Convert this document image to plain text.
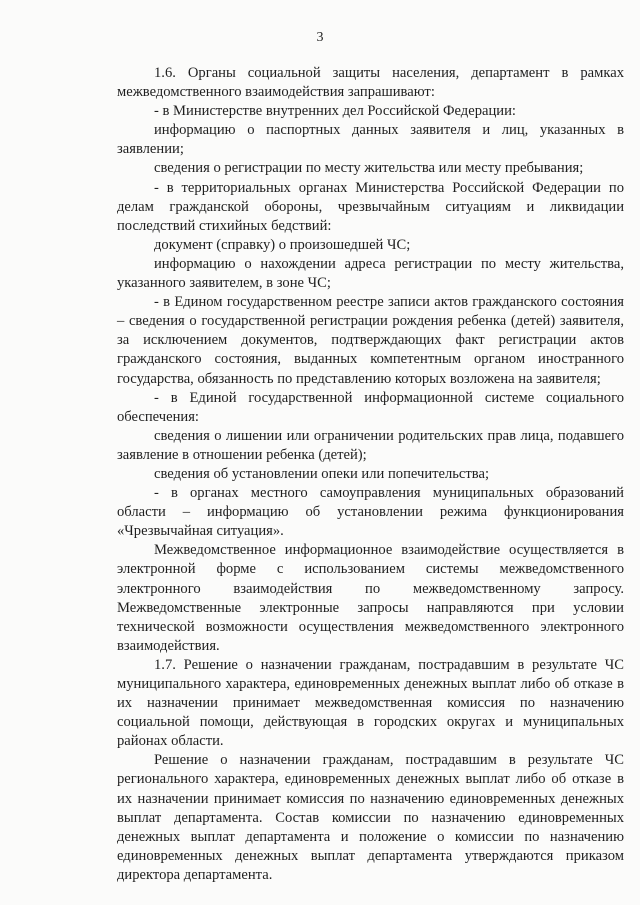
3

1.6. Органы социальной защиты населения, департамент в рамках межведомственного взаимодействия запрашивают:

- в Министерстве внутренних дел Российской Федерации:

информацию о паспортных данных заявителя и лиц, указанных в заявлении;

сведения о регистрации по месту жительства или месту пребывания;

- в территориальных органах Министерства Российской Федерации по делам гражданской обороны, чрезвычайным ситуациям и ликвидации последствий стихийных бедствий:

документ (справку) о произошедшей ЧС;

информацию о нахождении адреса регистрации по месту жительства, указанного заявителем, в зоне ЧС;

- в Едином государственном реестре записи актов гражданского состояния – сведения о государственной регистрации рождения ребенка (детей) заявителя, за исключением документов, подтверждающих факт регистрации актов гражданского состояния, выданных компетентным органом иностранного государства, обязанность по представлению которых возложена на заявителя;

- в Единой государственной информационной системе социального обеспечения:

сведения о лишении или ограничении родительских прав лица, подавшего заявление в отношении ребенка (детей);

сведения об установлении опеки или попечительства;

- в органах местного самоуправления муниципальных образований области – информацию об установлении режима функционирования «Чрезвычайная ситуация».

Межведомственное информационное взаимодействие осуществляется в электронной форме с использованием системы межведомственного электронного взаимодействия по межведомственному запросу. Межведомственные электронные запросы направляются при условии технической возможности осуществления межведомственного электронного взаимодействия.

1.7. Решение о назначении гражданам, пострадавшим в результате ЧС муниципального характера, единовременных денежных выплат либо об отказе в их назначении принимает межведомственная комиссия по назначению социальной помощи, действующая в городских округах и муниципальных районах области.

Решение о назначении гражданам, пострадавшим в результате ЧС регионального характера, единовременных денежных выплат либо об отказе в их назначении принимает комиссия по назначению единовременных денежных выплат департамента. Состав комиссии по назначению единовременных денежных выплат департамента и положение о комиссии по назначению единовременных денежных выплат департамента утверждаются приказом директора департамента.
